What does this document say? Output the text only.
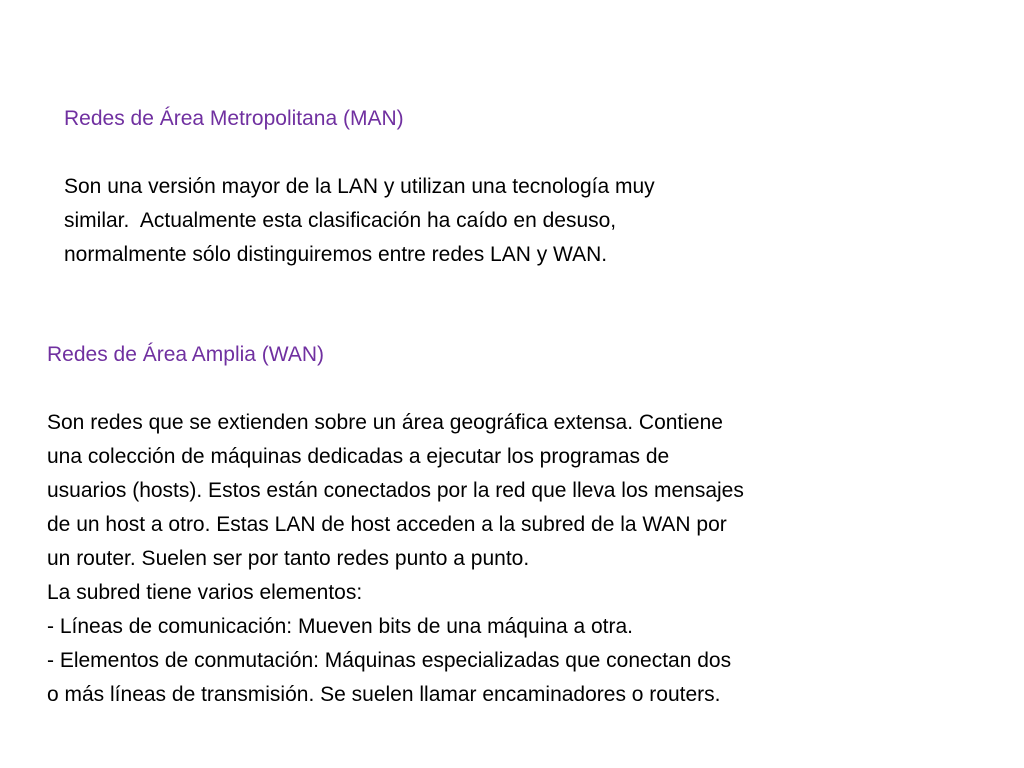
Redes de Área Metropolitana (MAN)

Son una versión mayor de la LAN y utilizan una tecnología muy
similar.  Actualmente esta clasificación ha caído en desuso,
normalmente sólo distinguiremos entre redes LAN y WAN.

Redes de Área Amplia (WAN)

Son redes que se extienden sobre un área geográfica extensa. Contiene
una colección de máquinas dedicadas a ejecutar los programas de
usuarios (hosts). Estos están conectados por la red que lleva los mensajes
de un host a otro. Estas LAN de host acceden a la subred de la WAN por
un router. Suelen ser por tanto redes punto a punto.
La subred tiene varios elementos:
- Líneas de comunicación: Mueven bits de una máquina a otra.
- Elementos de conmutación: Máquinas especializadas que conectan dos
o más líneas de transmisión. Se suelen llamar encaminadores o routers.
